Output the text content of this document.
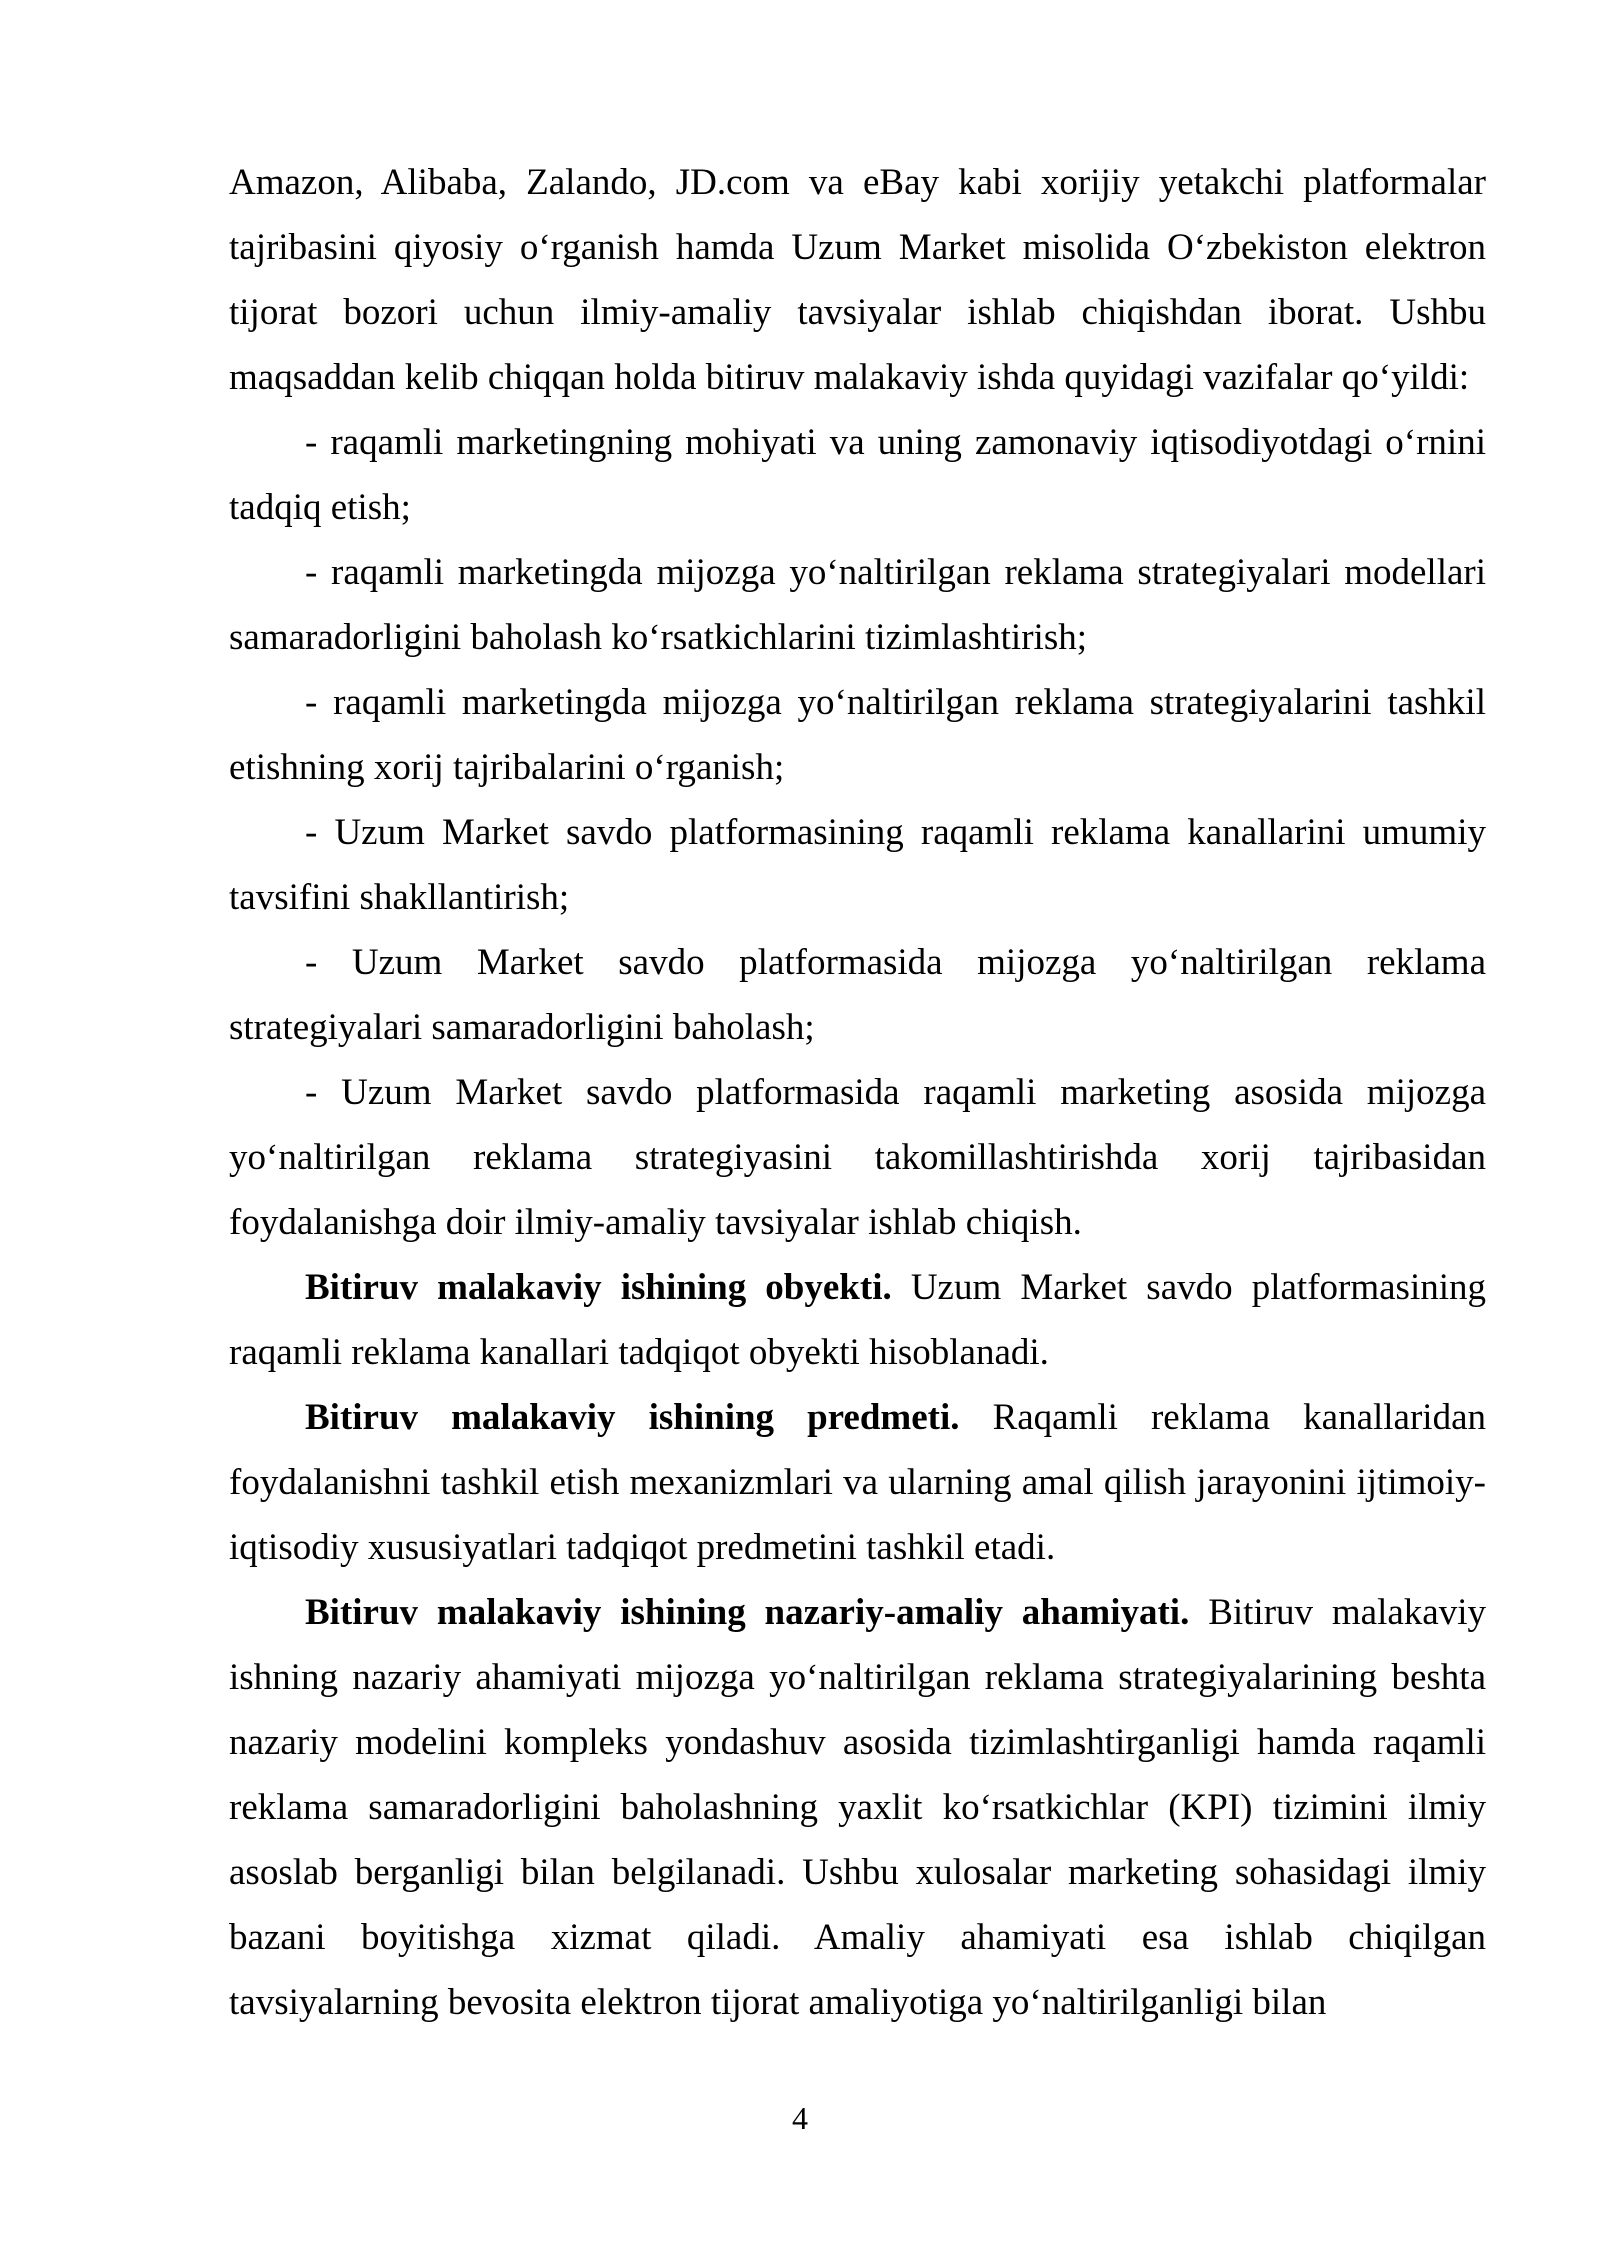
Amazon, Alibaba, Zalando, JD.com va eBay kabi xorijiy yetakchi platformalar tajribasini qiyosiy o‘rganish hamda Uzum Market misolida O‘zbekiston elektron tijorat bozori uchun ilmiy-amaliy tavsiyalar ishlab chiqishdan iborat. Ushbu maqsaddan kelib chiqqan holda bitiruv malakaviy ishda quyidagi vazifalar qo‘yildi:

- raqamli marketingning mohiyati va uning zamonaviy iqtisodiyotdagi o‘rnini tadqiq etish;

- raqamli marketingda mijozga yo‘naltirilgan reklama strategiyalari modellari samaradorligini baholash ko‘rsatkichlarini tizimlashtirish;

- raqamli marketingda mijozga yo‘naltirilgan reklama strategiyalarini tashkil etishning xorij tajribalarini o‘rganish;

- Uzum Market savdo platformasining raqamli reklama kanallarini umumiy tavsifini shakllantirish;

- Uzum Market savdo platformasida mijozga yo‘naltirilgan reklama strategiyalari samaradorligini baholash;

- Uzum Market savdo platformasida raqamli marketing asosida mijozga yo‘naltirilgan reklama strategiyasini takomillashtirishda xorij tajribasidan foydalanishga doir ilmiy-amaliy tavsiyalar ishlab chiqish.

Bitiruv malakaviy ishining obyekti. Uzum Market savdo platformasining raqamli reklama kanallari tadqiqot obyekti hisoblanadi.

Bitiruv malakaviy ishining predmeti. Raqamli reklama kanallaridan foydalanishni tashkil etish mexanizmlari va ularning amal qilish jarayonini ijtimoiy-iqtisodiy xususiyatlari tadqiqot predmetini tashkil etadi.

Bitiruv malakaviy ishining nazariy-amaliy ahamiyati. Bitiruv malakaviy ishning nazariy ahamiyati mijozga yo‘naltirilgan reklama strategiyalarining beshta nazariy modelini kompleks yondashuv asosida tizimlashtirganligi hamda raqamli reklama samaradorligini baholashning yaxlit ko‘rsatkichlar (KPI) tizimini ilmiy asoslab berganligi bilan belgilanadi. Ushbu xulosalar marketing sohasidagi ilmiy bazani boyitishga xizmat qiladi. Amaliy ahamiyati esa ishlab chiqilgan tavsiyalarning bevosita elektron tijorat amaliyotiga yo‘naltirilganligi bilan

4
